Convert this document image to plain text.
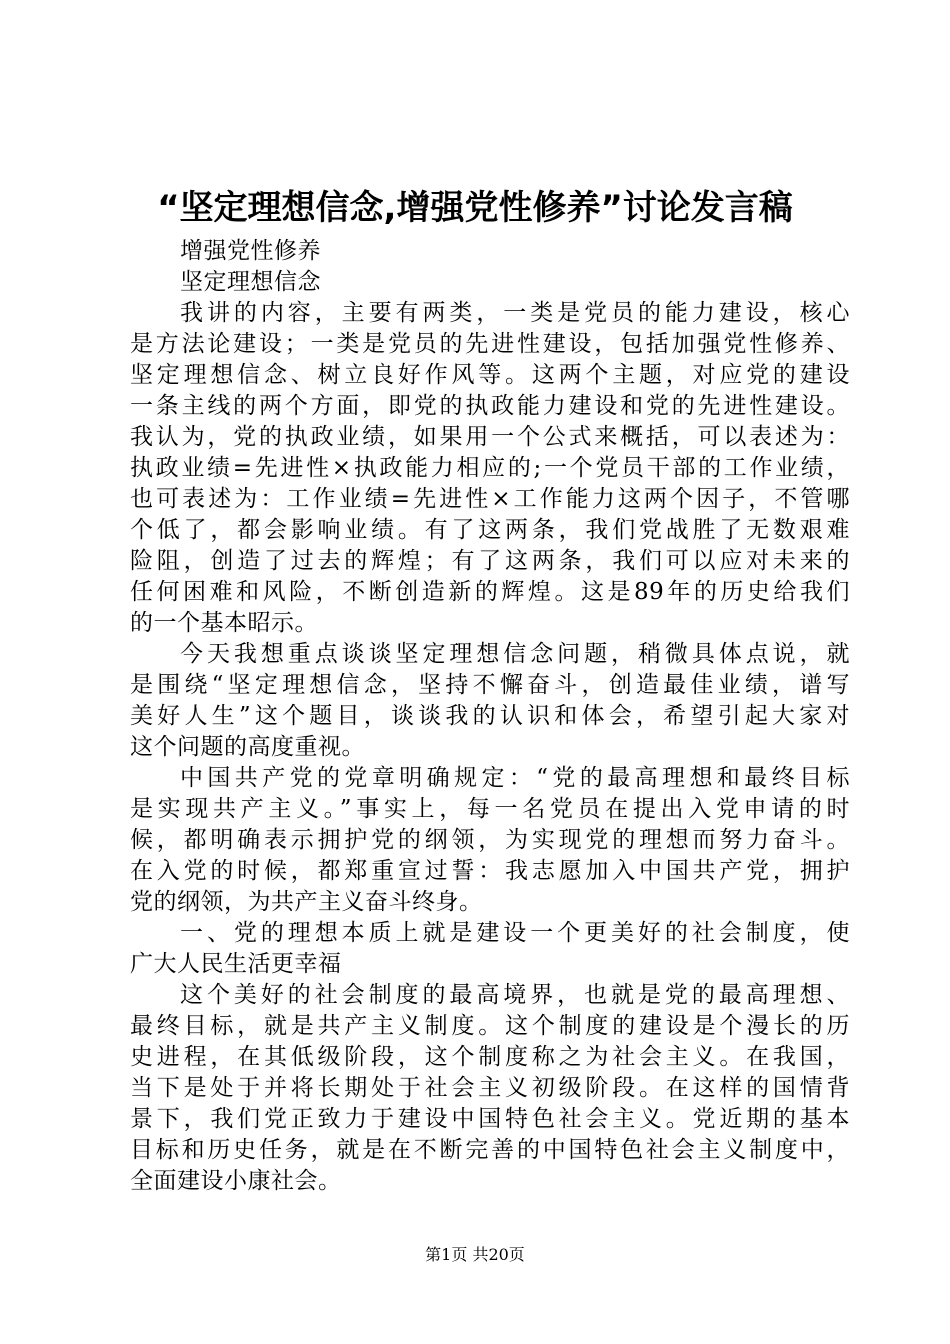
“坚定理想信念,增强党性修养”讨论发言稿
增强党性修养
坚定理想信念
我讲的内容，主要有两类，一类是党员的能力建设，核心
是方法论建设；一类是党员的先进性建设，包括加强党性修养、
坚定理想信念、树立良好作风等。这两个主题，对应党的建设
一条主线的两个方面，即党的执政能力建设和党的先进性建设。
我认为，党的执政业绩，如果用一个公式来概括，可以表述为：
执政业绩=先进性×执政能力相应的;一个党员干部的工作业绩，
也可表述为：工作业绩=先进性×工作能力这两个因子，不管哪
个低了，都会影响业绩。有了这两条，我们党战胜了无数艰难
险阻，创造了过去的辉煌；有了这两条，我们可以应对未来的
任何困难和风险，不断创造新的辉煌。这是89年的历史给我们
的一个基本昭示。
今天我想重点谈谈坚定理想信念问题，稍微具体点说，就
是围绕“坚定理想信念，坚持不懈奋斗，创造最佳业绩，谱写
美好人生”这个题目，谈谈我的认识和体会，希望引起大家对
这个问题的高度重视。
中国共产党的党章明确规定：“党的最高理想和最终目标
是实现共产主义。”事实上，每一名党员在提出入党申请的时
候，都明确表示拥护党的纲领，为实现党的理想而努力奋斗。
在入党的时候，都郑重宣过誓：我志愿加入中国共产党，拥护
党的纲领，为共产主义奋斗终身。
一、党的理想本质上就是建设一个更美好的社会制度，使
广大人民生活更幸福
这个美好的社会制度的最高境界，也就是党的最高理想、
最终目标，就是共产主义制度。这个制度的建设是个漫长的历
史进程，在其低级阶段，这个制度称之为社会主义。在我国，
当下是处于并将长期处于社会主义初级阶段。在这样的国情背
景下，我们党正致力于建设中国特色社会主义。党近期的基本
目标和历史任务，就是在不断完善的中国特色社会主义制度中，
全面建设小康社会。
第1页 共20页
